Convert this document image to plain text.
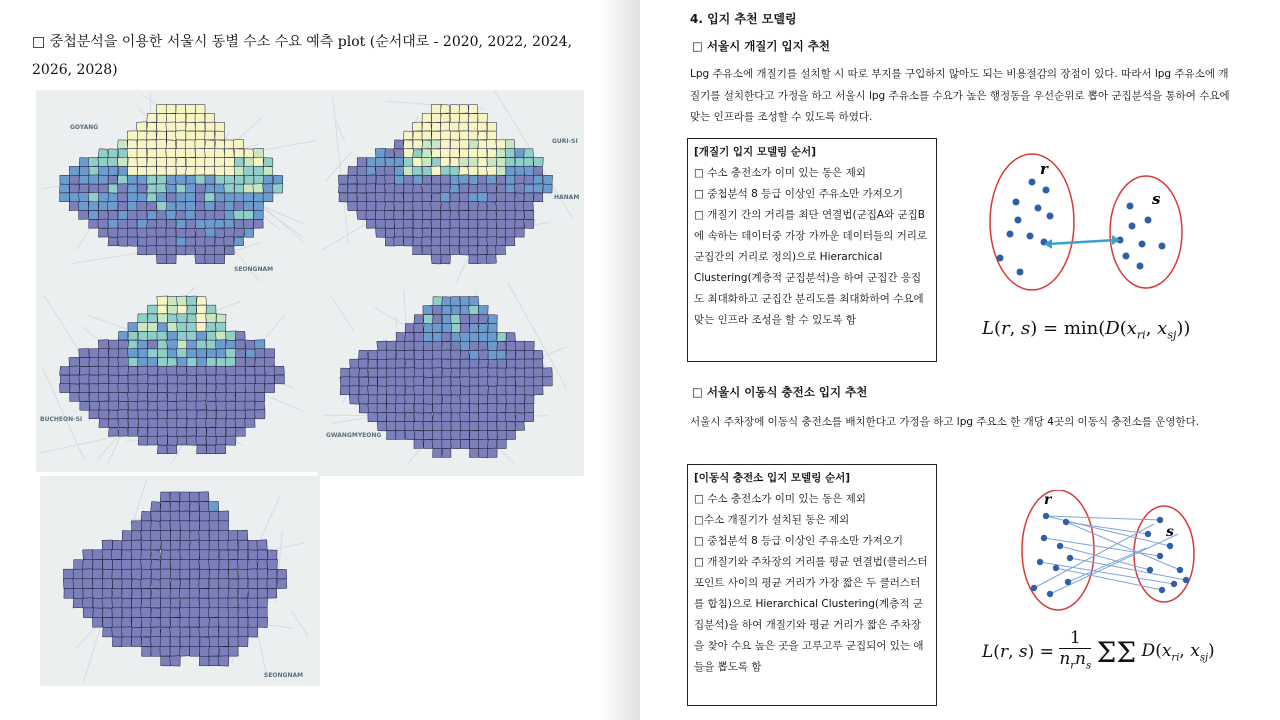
□ 중첩분석을 이용한 서울시 동별 수소 수요 예측 plot (순서대로 - 2020, 2022, 2024, 2026, 2028)
GOYANG
SEONGNAM
GURI-SI
HANAM
BUCHEON-SI
GWANGMYEONG
SEONGNAM
4. 입지 추천 모델링
□ 서울시 개질기 입지 추천
Lpg 주유소에 개질기를 설치할 시 따로 부지를 구입하지 않아도 되는 비용절감의 장점이 있다. 따라서 lpg 주유소에 개질기를 설치한다고 가정을 하고 서울시 lpg 주유소를 수요가 높은 행정동을 우선순위로 뽑아 군집분석을 통하여 수요에 맞는 인프라를 조성할 수 있도록 하였다.

[개질기 입지 모델링 순서]

□ 수소 충전소가 이미 있는 동은 제외

□ 중첩분석 8 등급 이상인 주유소만 가져오기

□ 개질기 간의 거리를 최단 연결법(군집A와 군집B에 속하는 데이터중 가장 가까운 데이터들의 거리로 군집간의 거리로 정의)으로 Hierarchical Clustering(계층적 군집분석)을 하여 군집간 응집도 최대화하고 군집간 분리도를 최대화하여 수요에 맞는 인프라 조성을 할 수 있도록 함

r
s
L(r, $s) = \min(D(x_{ri}$, $x_{sj}$))
□ 서울시 이동식 충전소 입지 추천
서울시 주차장에 이동식 충전소를 배치한다고 가정을 하고 lpg 주요소 한 개당 4곳의 이동식 충전소를 운영한다.

[이동식 충전소 입지 모델링 순서]

□ 수소 충전소가 이미 있는 동은 제외

□수소 개질기가 설치된 동은 제외

□ 중첩분석 8 등급 이상인 주유소만 가져오기

□ 개질기와 주차장의 거리를 평균 연결법(클러스터 포인트 사이의 평균 거리가 가장 짧은 두 클러스터를 합침)으로 Hierarchical Clustering(계층적 군집분석)을 하여 개질기와 평균 거리가 짧은 주차장을 찾아 수요 높은 곳을 고루고루 군집되어 있는 애들을 뽑도록 함

r
s
L(r, s) =
1
$n_rn_s$ ΣΣ $D(x_{ri}$, $x_{sj}$)
